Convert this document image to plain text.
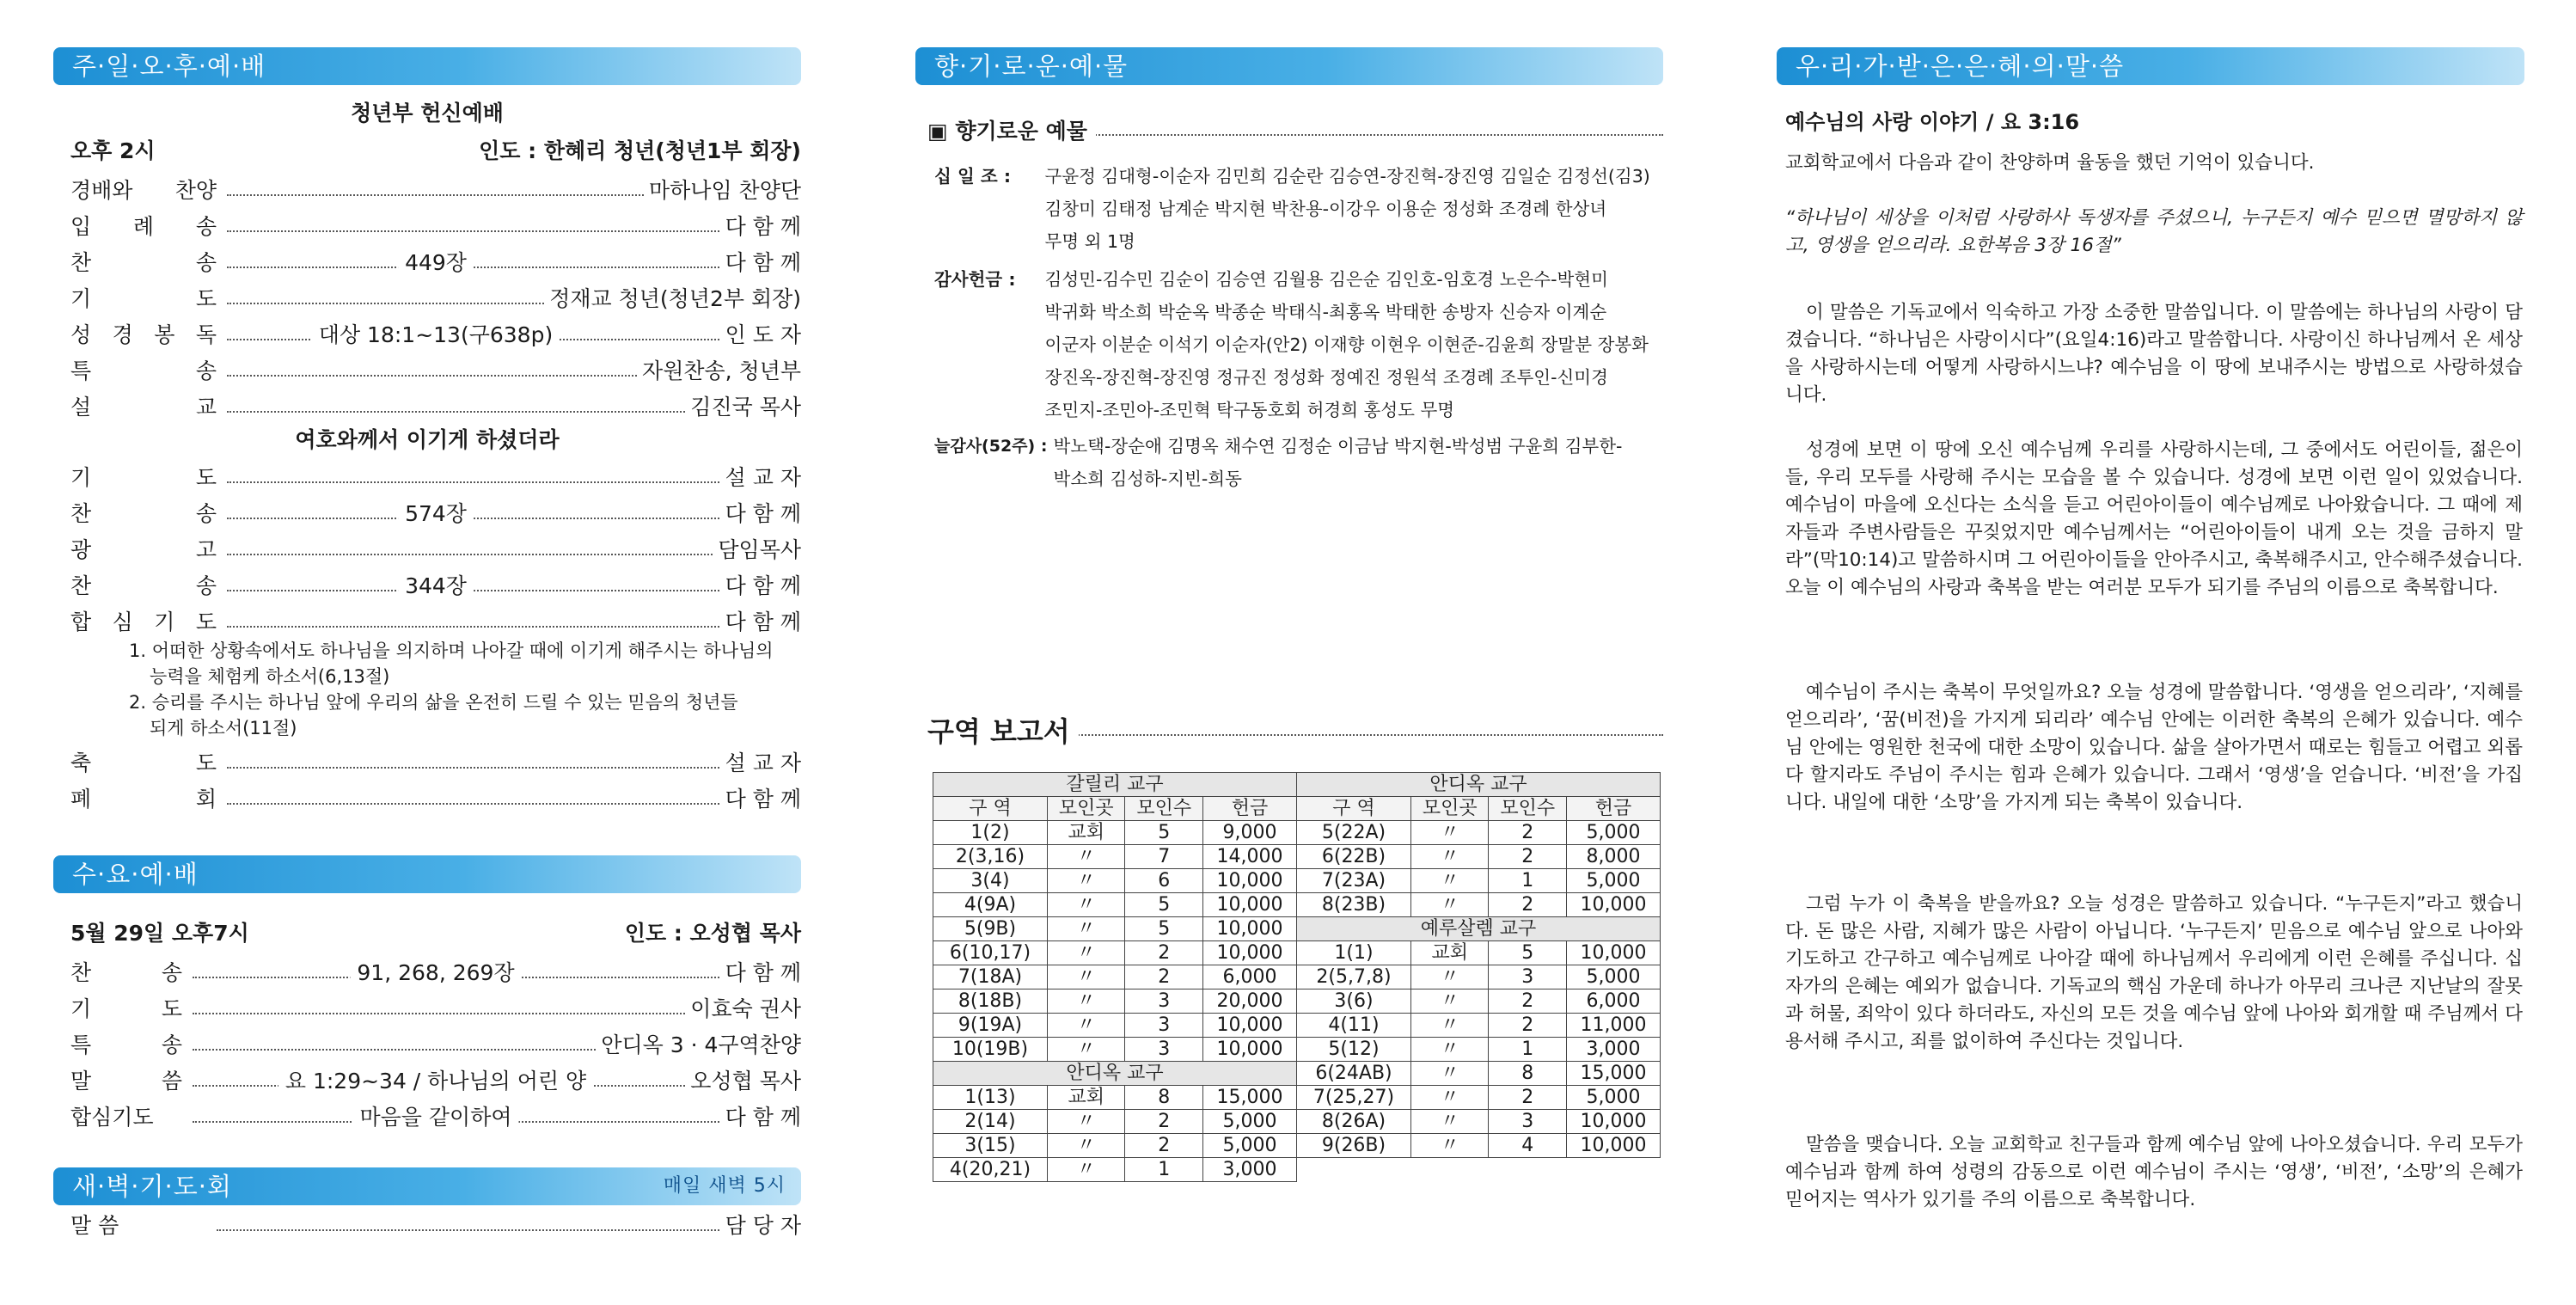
주·일·오·후·예·배
청년부 헌신예배
오후 2시	인도 : 한혜리 청년(청년1부 회장)
경배와 찬양	마하나임 찬양단
입 례 송	다 함 께
찬 송	449장	다 함 께
기 도	정재교 청년(청년2부 회장)
성 경 봉 독	대상 18:1~13(구638p)	인 도 자
특 송	자원찬송, 청년부
설 교	김진국 목사
여호와께서 이기게 하셨더라
기 도	설 교 자
찬 송	574장	다 함 께
광 고	담임목사
찬 송	344장	다 함 께
합 심 기 도	다 함 께
1. 어떠한 상황속에서도 하나님을 의지하며 나아갈 때에 이기게 해주시는 하나님의
능력을 체험케 하소서(6,13절)
2. 승리를 주시는 하나님 앞에 우리의 삶을 온전히 드릴 수 있는 믿음의 청년들
되게 하소서(11절)
축 도	설 교 자
폐 회	다 함 께
수·요·예·배
5월 29일 오후7시	인도 : 오성협 목사
찬 송	91, 268, 269장	다 함 께
기 도	이효숙 권사
특 송	안디옥 3 · 4구역찬양
말 씀	요 1:29~34 / 하나님의 어린 양	오성협 목사
합심기도	마음을 같이하여	다 함 께
새·벽·기·도·회	매일 새벽 5시
말 씀	담 당 자
향·기·로·운·예·물
▣ 향기로운 예물
십 일 조 : 구윤정 김대형-이순자 김민희 김순란 김승연-장진혁-장진영 김일순 김정선(김3)
김창미 김태정 남계순 박지현 박찬용-이강우 이용순 정성화 조경례 한상녀
무명 외 1명
감사헌금 : 김성민-김수민 김순이 김승연 김월용 김은순 김인호-임호경 노은수-박현미
박귀화 박소희 박순옥 박종순 박태식-최홍옥 박태한 송방자 신승자 이계순
이군자 이분순 이석기 이순자(안2) 이재향 이현우 이현준-김윤희 장말분 장봉화
장진옥-장진혁-장진영 정규진 정성화 정예진 정원석 조경례 조투인-신미경
조민지-조민아-조민혁 탁구동호회 허경희 홍성도 무명
늘감사(52주) : 박노택-장순애 김명옥 채수연 김정순 이금남 박지현-박성범 구윤희 김부한-
박소희 김성하-지빈-희동
구역 보고서
갈릴리 교구			
구 역	모인곳	모인수	헌금
1(2)	교회	5	9,000
2(3,16)	〃	7	14,000
3(4)	〃	6	10,000
4(9A)	〃	5	10,000
5(9B)	〃	5	10,000
6(10,17)	〃	2	10,000
7(18A)	〃	2	6,000
8(18B)	〃	3	20,000
9(19A)	〃	3	10,000
10(19B)	〃	3	10,000
안디옥 교구			
1(13)	교회	8	15,000
2(14)	〃	2	5,000
3(15)	〃	2	5,000
4(20,21)	〃	1	3,000
안디옥 교구			
구 역	모인곳	모인수	헌금
5(22A)	〃	2	5,000
6(22B)	〃	2	8,000
7(23A)	〃	1	5,000
8(23B)	〃	2	10,000
예루살렘 교구			
1(1)	교회	5	10,000
2(5,7,8)	〃	3	5,000
3(6)	〃	2	6,000
4(11)	〃	2	11,000
5(12)	〃	1	3,000
6(24AB)	〃	8	15,000
7(25,27)	〃	2	5,000
8(26A)	〃	3	10,000
9(26B)	〃	4	10,000
우·리·가·받·은·은·혜·의·말·씀
예수님의 사랑 이야기 / 요 3:16
교회학교에서 다음과 같이 찬양하며 율동을 했던 기억이 있습니다.
“하나님이 세상을 이처럼 사랑하사 독생자를 주셨으니, 누구든지 예수 믿으면 멸망하지 않고, 영생을 얻으리라. 요한복음 3장 16절”
이 말씀은 기독교에서 익숙하고 가장 소중한 말씀입니다. 이 말씀에는 하나님의 사랑이 담겼습니다. “하나님은 사랑이시다”(요일4:16)라고 말씀합니다. 사랑이신 하나님께서 온 세상을 사랑하시는데 어떻게 사랑하시느냐? 예수님을 이 땅에 보내주시는 방법으로 사랑하셨습니다.
성경에 보면 이 땅에 오신 예수님께 우리를 사랑하시는데, 그 중에서도 어린이들, 젊은이들, 우리 모두를 사랑해 주시는 모습을 볼 수 있습니다. 성경에 보면 이런 일이 있었습니다. 예수님이 마을에 오신다는 소식을 듣고 어린아이들이 예수님께로 나아왔습니다. 그 때에 제자들과 주변사람들은 꾸짖었지만 예수님께서는 “어린아이들이 내게 오는 것을 금하지 말라”(막10:14)고 말씀하시며 그 어린아이들을 안아주시고, 축복해주시고, 안수해주셨습니다. 오늘 이 예수님의 사랑과 축복을 받는 여러분 모두가 되기를 주님의 이름으로 축복합니다.
예수님이 주시는 축복이 무엇일까요? 오늘 성경에 말씀합니다. ‘영생을 얻으리라’, ‘지혜를 얻으리라’, ‘꿈(비전)을 가지게 되리라’ 예수님 안에는 이러한 축복의 은혜가 있습니다. 예수님 안에는 영원한 천국에 대한 소망이 있습니다. 삶을 살아가면서 때로는 힘들고 어렵고 외롭다 할지라도 주님이 주시는 힘과 은혜가 있습니다. 그래서 ‘영생’을 얻습니다. ‘비전’을 가집니다. 내일에 대한 ‘소망’을 가지게 되는 축복이 있습니다.
그럼 누가 이 축복을 받을까요? 오늘 성경은 말씀하고 있습니다. “누구든지”라고 했습니다. 돈 많은 사람, 지혜가 많은 사람이 아닙니다. ‘누구든지’ 믿음으로 예수님 앞으로 나아와 기도하고 간구하고 예수님께로 나아갈 때에 하나님께서 우리에게 이런 은혜를 주십니다. 십자가의 은혜는 예외가 없습니다. 기독교의 핵심 가운데 하나가 아무리 크나큰 지난날의 잘못과 허물, 죄악이 있다 하더라도, 자신의 모든 것을 예수님 앞에 나아와 회개할 때 주님께서 다 용서해 주시고, 죄를 없이하여 주신다는 것입니다.
말씀을 맺습니다. 오늘 교회학교 친구들과 함께 예수님 앞에 나아오셨습니다. 우리 모두가 예수님과 함께 하여 성령의 감동으로 이런 예수님이 주시는 ‘영생’, ‘비전’, ‘소망’의 은혜가 믿어지는 역사가 있기를 주의 이름으로 축복합니다.
